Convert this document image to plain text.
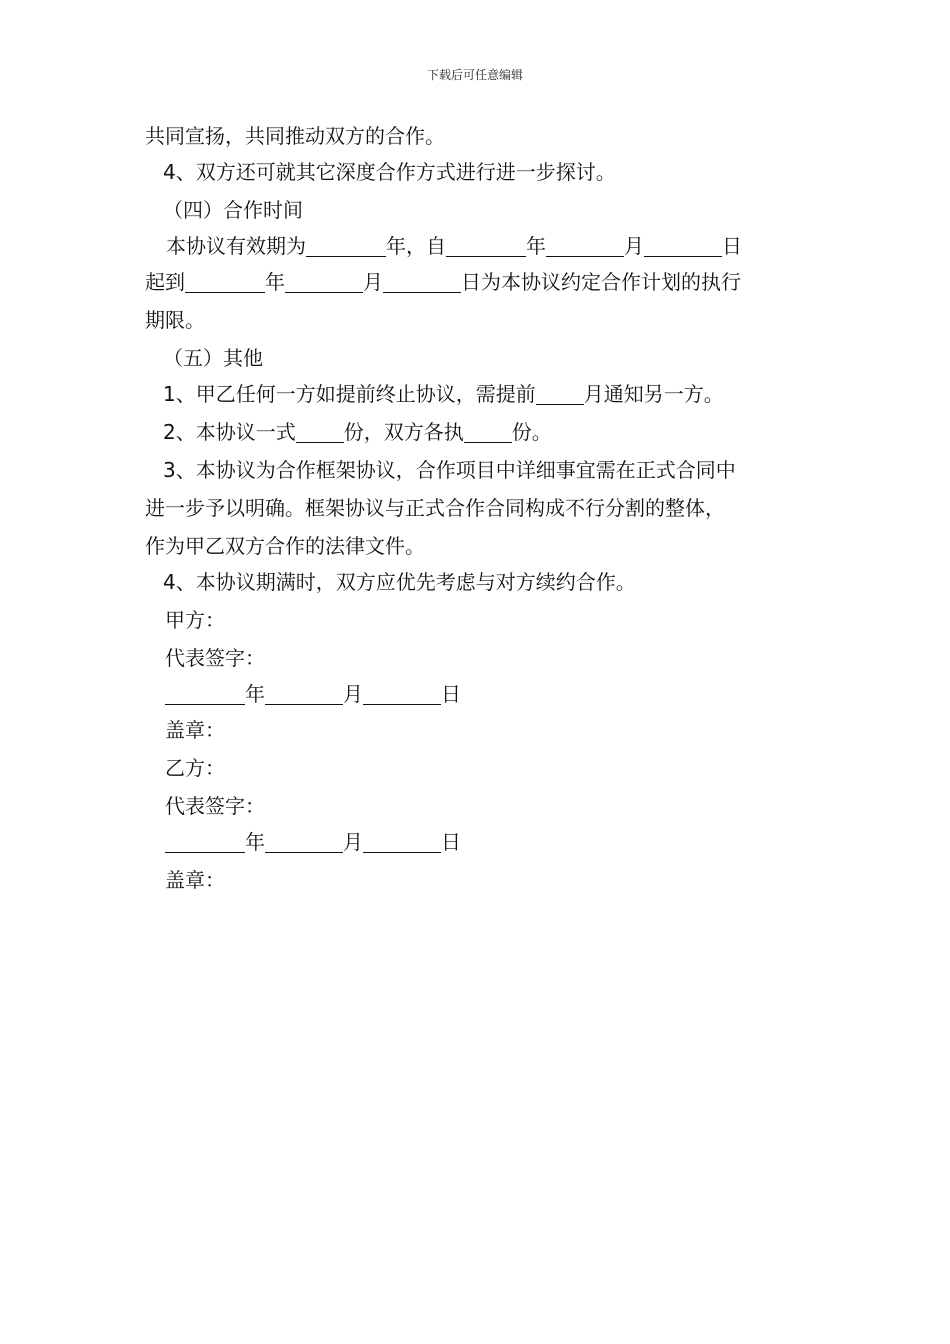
下载后可任意编辑
共同宣扬，共同推动双方的合作。
4、双方还可就其它深度合作方式进行进一步探讨。
（四）合作时间
本协议有效期为	年，自	年	月	日
起到	年	月	日为本协议约定合作计划的执行
期限。
（五）其他
1、甲乙任何一方如提前终止协议，需提前 月通知另一方。
2、本协议一式 份，双方各执 份。
3、本协议为合作框架协议，合作项目中详细事宜需在正式合同中
进一步予以明确。框架协议与正式合作合同构成不行分割的整体，
作为甲乙双方合作的法律文件。
4、本协议期满时，双方应优先考虑与对方续约合作。
甲方：
代表签字：
年	月	日
盖章：
乙方：
代表签字：
年	月	日
盖章：
